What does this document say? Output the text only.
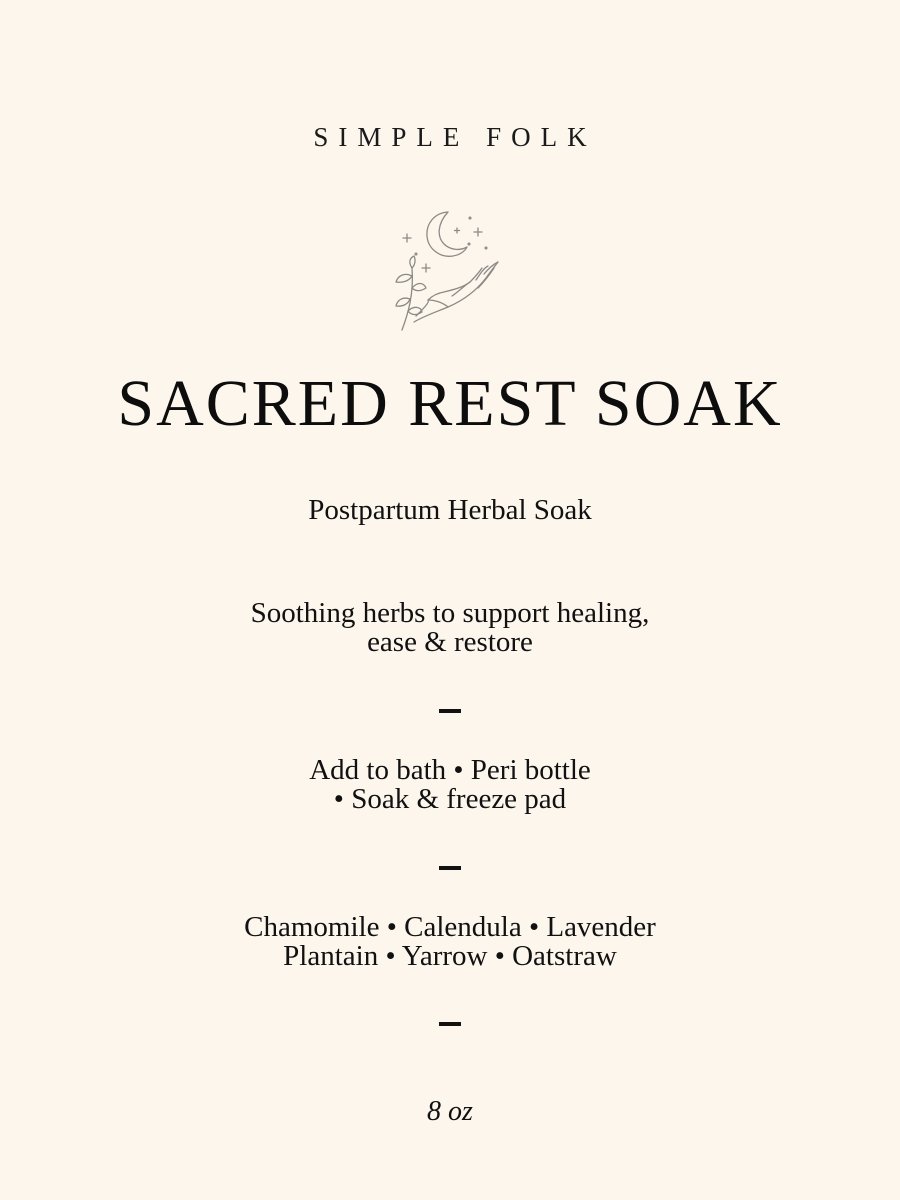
SIMPLE FOLK
SACRED REST SOAK
Postpartum Herbal Soak
Soothing herbs to support healing,
ease & restore
Add to bath • Peri bottle
• Soak & freeze pad
Chamomile • Calendula • Lavender
Plantain • Yarrow • Oatstraw
8 oz
